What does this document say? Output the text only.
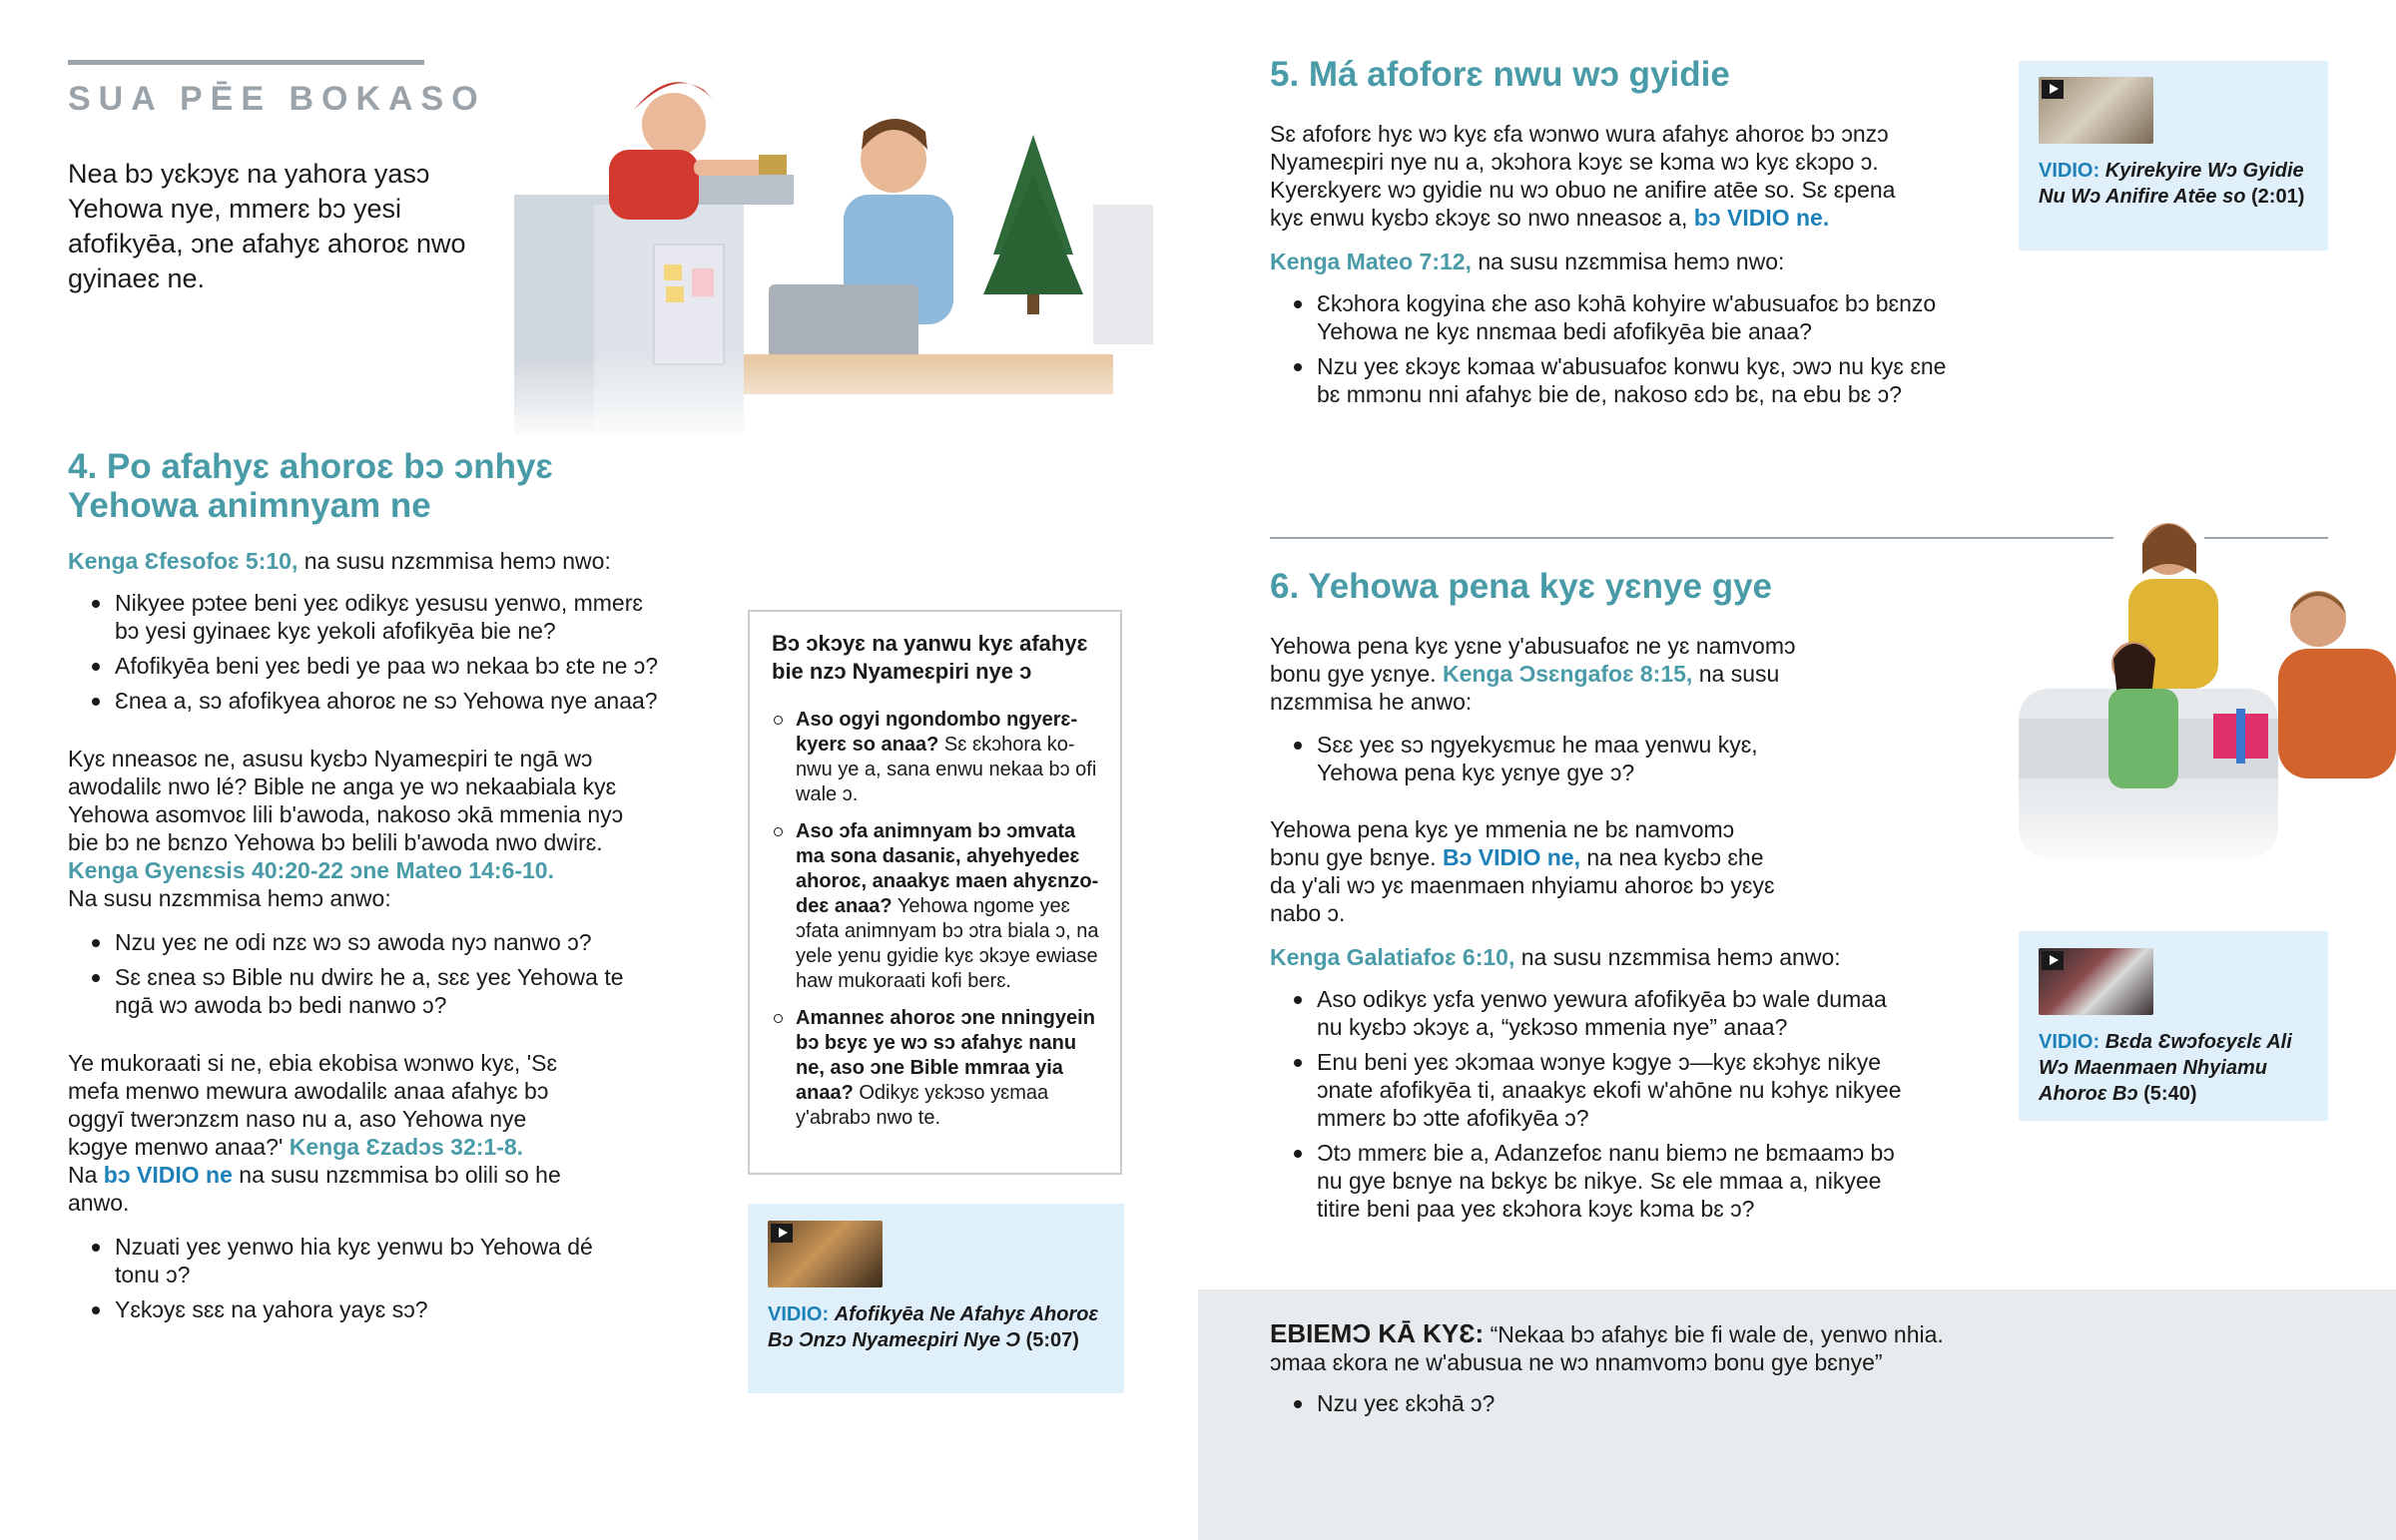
SUA PĒE BOKASO
Nea bɔ yɛkɔyɛ na yahora yasɔ Yehowa nye, mmerɛ bɔ yesi afofikyēa, ɔne afahyɛ ahoroɛ nwo gyinaeɛ ne.
4. Po afahyɛ ahoroɛ bɔ ɔnhyɛ Yehowa animnyam ne
Kenga Ɛfesofoɛ 5:10, na susu nzɛmmisa hemɔ nwo:
Nikyee pɔtee beni yeɛ odikyɛ yesusu yenwo, mmerɛ bɔ yesi gyinaeɛ kyɛ yekoli afofikyēa bie ne?
Afofikyēa beni yeɛ bedi ye paa wɔ nekaa bɔ ɛte ne ɔ?
Ɛnea a, sɔ afofikyea ahoroɛ ne sɔ Yehowa nye anaa?

Kyɛ nneasoɛ ne, asusu kyɛbɔ Nyameɛpiri te ngā wɔ awodalilɛ nwo lé? Bible ne anga ye wɔ nekaabiala kyɛ Yehowa asomvoɛ lili b'awoda, nakoso ɔkā mmenia nyɔ bie bɔ ne bɛnzo Yehowa bɔ belili b'awoda nwo dwirɛ.

Kenga Gyenɛsis 40:20-22 ɔne Mateo 14:6-10.

Na susu nzɛmmisa hemɔ anwo:

Nzu yeɛ ne odi nzɛ wɔ sɔ awoda nyɔ nanwo ɔ?
Sɛ ɛnea sɔ Bible nu dwirɛ he a, sɛɛ yeɛ Yehowa te ngā wɔ awoda bɔ bedi nanwo ɔ?
Ye mukoraati si ne, ebia ekobisa wɔnwo kyɛ, 'Sɛ mefa menwo mewura awodalilɛ anaa afahyɛ bɔ oggyī twerɔnzɛm naso nu a, aso Yehowa nye kɔgye menwo anaa?' Kenga Ɛzadɔs 32:1-8.
Na bɔ VIDIO ne na susu nzɛmmisa bɔ olili so he anwo.
Nzuati yeɛ yenwo hia kyɛ yenwu bɔ Yehowa dé tonu ɔ?
Yɛkɔyɛ sɛɛ na yahora yayɛ sɔ?
Bɔ ɔkɔyɛ na yanwu kyɛ afahyɛ bie nzɔ Nyameɛpiri nye ɔ
Aso ogyi ngondombo ngyerɛ-kyerɛ so anaa? Sɛ ɛkɔhora ko-nwu ye a, sana enwu nekaa bɔ ofi wale ɔ.
Aso ɔfa animnyam bɔ ɔmvata ma sona dasaniɛ, ahyehyedeɛ ahoroɛ, anaakyɛ maen ahyɛnzo-deɛ anaa? Yehowa ngome yeɛ ɔfata animnyam bɔ ɔtra biala ɔ, na yele yenu gyidie kyɛ ɔkɔye ewiase haw mukoraati kofi berɛ.
Amanneɛ ahoroɛ ɔne nningyein bɔ bɛyɛ ye wɔ sɔ afahyɛ nanu ne, aso ɔne Bible mmraa yia anaa? Odikyɛ yɛkɔso yɛmaa y'abrabɔ nwo te.
VIDIO: Afofikyēa Ne Afahyɛ Ahoroɛ Bɔ Ɔnzɔ Nyameɛpiri Nye Ɔ (5:07)
5. Má afoforɛ nwu wɔ gyidie
Sɛ afoforɛ hyɛ wɔ kyɛ ɛfa wɔnwo wura afahyɛ ahoroɛ bɔ ɔnzɔ Nyameɛpiri nye nu a, ɔkɔhora kɔyɛ se kɔma wɔ kyɛ ɛkɔpo ɔ. Kyerɛkyerɛ wɔ gyidie nu wɔ obuo ne anifire atēe so. Sɛ ɛpena kyɛ enwu kyɛbɔ ɛkɔyɛ so nwo nneasoɛ a, bɔ VIDIO ne.
Kenga Mateo 7:12, na susu nzɛmmisa hemɔ nwo:
Ɛkɔhora kogyina ɛhe aso kɔhā kohyire w'abusuafoɛ bɔ bɛnzo Yehowa ne kyɛ nnɛmaa bedi afofikyēa bie anaa?
Nzu yeɛ ɛkɔyɛ kɔmaa w'abusuafoɛ konwu kyɛ, ɔwɔ nu kyɛ ɛne bɛ mmɔnu nni afahyɛ bie de, nakoso ɛdɔ bɛ, na ebu bɛ ɔ?
VIDIO: Kyirekyire Wɔ Gyidie Nu Wɔ Anifire Atēe so (2:01)
6. Yehowa pena kyɛ yɛnye gye
Yehowa pena kyɛ yɛne y'abusuafoɛ ne yɛ namvomɔ bonu gye yɛnye. Kenga Ɔsɛngafoɛ 8:15, na susu nzɛmmisa he anwo:
Sɛɛ yeɛ sɔ ngyekyɛmuɛ he maa yenwu kyɛ, Yehowa pena kyɛ yɛnye gye ɔ?
Yehowa pena kyɛ ye mmenia ne bɛ namvomɔ bɔnu gye bɛnye. Bɔ VIDIO ne, na nea kyɛbɔ ɛhe da y'ali wɔ yɛ maenmaen nhyiamu ahoroɛ bɔ yɛyɛ nabo ɔ.
Kenga Galatiafoɛ 6:10, na susu nzɛmmisa hemɔ anwo:
Aso odikyɛ yɛfa yenwo yewura afofikyēa bɔ wale dumaa nu kyɛbɔ ɔkɔyɛ a, “yɛkɔso mmenia nye” anaa?
Enu beni yeɛ ɔkɔmaa wɔnye kɔgye ɔ—kyɛ ɛkɔhyɛ nikye ɔnate afofikyēa ti, anaakyɛ ekofi w'ahōne nu kɔhyɛ nikyee mmerɛ bɔ ɔtte afofikyēa ɔ?
Ɔtɔ mmerɛ bie a, Adanzefoɛ nanu biemɔ ne bɛmaamɔ bɔ nu gye bɛnye na bɛkyɛ bɛ nikye. Sɛ ele mmaa a, nikyee titire beni paa yeɛ ɛkɔhora kɔyɛ kɔma bɛ ɔ?
VIDIO: Bɛda Ɛwɔfoɛyɛlɛ Ali Wɔ Maenmaen Nhyiamu Ahoroɛ Bɔ (5:40)
EBIEMƆ KĀ KYƐ: “Nekaa bɔ afahyɛ bie fi wale de, yenwo nhia. ɔmaa ɛkora ne w'abusua ne wɔ nnamvomɔ bonu gye bɛnye”
Nzu yeɛ ɛkɔhā ɔ?
